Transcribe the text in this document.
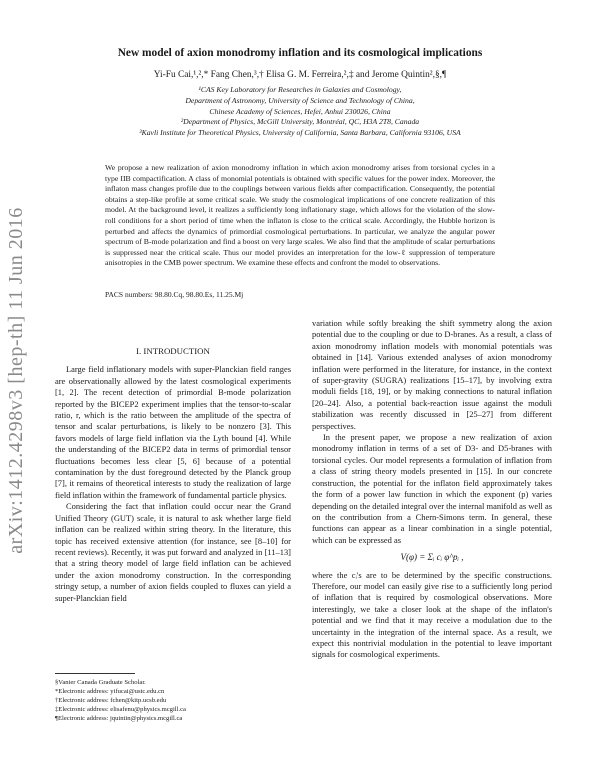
arXiv:1412.4298v3 [hep-th] 11 Jun 2016
New model of axion monodromy inflation and its cosmological implications
Yi-Fu Cai,¹,²,* Fang Chen,³,† Elisa G. M. Ferreira,²,‡ and Jerome Quintin²,§,¶
¹CAS Key Laboratory for Researches in Galaxies and Cosmology,
Department of Astronomy, University of Science and Technology of China,
Chinese Academy of Sciences, Hefei, Anhui 230026, China
²Department of Physics, McGill University, Montréal, QC, H3A 2T8, Canada
³Kavli Institute for Theoretical Physics, University of California, Santa Barbara, California 93106, USA
We propose a new realization of axion monodromy inflation in which axion monodromy arises from torsional cycles in a type IIB compactification. A class of monomial potentials is obtained with specific values for the power index. Moreover, the inflaton mass changes profile due to the couplings between various fields after compactification. Consequently, the potential obtains a step-like profile at some critical scale. We study the cosmological implications of one concrete realization of this model. At the background level, it realizes a sufficiently long inflationary stage, which allows for the violation of the slow-roll conditions for a short period of time when the inflaton is close to the critical scale. Accordingly, the Hubble horizon is perturbed and affects the dynamics of primordial cosmological perturbations. In particular, we analyze the angular power spectrum of B-mode polarization and find a boost on very large scales. We also find that the amplitude of scalar perturbations is suppressed near the critical scale. Thus our model provides an interpretation for the low-ℓ suppression of temperature anisotropies in the CMB power spectrum. We examine these effects and confront the model to observations.
PACS numbers: 98.80.Cq, 98.80.Es, 11.25.Mj
I. INTRODUCTION
Large field inflationary models with super-Planckian field ranges are observationally allowed by the latest cosmological experiments [1, 2]. The recent detection of primordial B-mode polarization reported by the BICEP2 experiment implies that the tensor-to-scalar ratio, r, which is the ratio between the amplitude of the spectra of tensor and scalar perturbations, is likely to be nonzero [3]. This favors models of large field inflation via the Lyth bound [4]. While the understanding of the BICEP2 data in terms of primordial tensor fluctuations becomes less clear [5, 6] because of a potential contamination by the dust foreground detected by the Planck group [7], it remains of theoretical interests to study the realization of large field inflation within the framework of fundamental particle physics.
Considering the fact that inflation could occur near the Grand Unified Theory (GUT) scale, it is natural to ask whether large field inflation can be realized within string theory. In the literature, this topic has received extensive attention (for instance, see [8–10] for recent reviews). Recently, it was put forward and analyzed in [11–13] that a string theory model of large field inflation can be achieved under the axion monodromy construction. In the corresponding stringy setup, a number of axion fields coupled to fluxes can yield a super-Planckian field
variation while softly breaking the shift symmetry along the axion potential due to the coupling or due to D-branes. As a result, a class of axion monodromy inflation models with monomial potentials was obtained in [14]. Various extended analyses of axion monodromy inflation were performed in the literature, for instance, in the context of super-gravity (SUGRA) realizations [15–17], by involving extra moduli fields [18, 19], or by making connections to natural inflation [20–24]. Also, a potential back-reaction issue against the moduli stabilization was recently discussed in [25–27] from different perspectives.
In the present paper, we propose a new realization of axion monodromy inflation in terms of a set of D3- and D5-branes with torsional cycles. Our model represents a formulation of inflation from a class of string theory models presented in [15]. In our concrete construction, the potential for the inflaton field approximately takes the form of a power law function in which the exponent (p) varies depending on the detailed integral over the internal manifold as well as on the contribution from a Chern-Simons term. In general, these functions can appear as a linear combination in a single potential, which can be expressed as
V(φ) = Σᵢ cᵢ φ^pᵢ ,
where the cᵢ's are to be determined by the specific constructions. Therefore, our model can easily give rise to a sufficiently long period of inflation that is required by cosmological observations. More interestingly, we take a closer look at the shape of the inflaton's potential and we find that it may receive a modulation due to the uncertainty in the integration of the internal space. As a result, we expect this nontrivial modulation in the potential to leave important signals for cosmological experiments.
§Vanier Canada Graduate Scholar.
*Electronic address: yifucai@ustc.edu.cn
†Electronic address: fchen@kitp.ucsb.edu
‡Electronic address: elisafenu@physics.mcgill.ca
¶Electronic address: jquintin@physics.mcgill.ca
